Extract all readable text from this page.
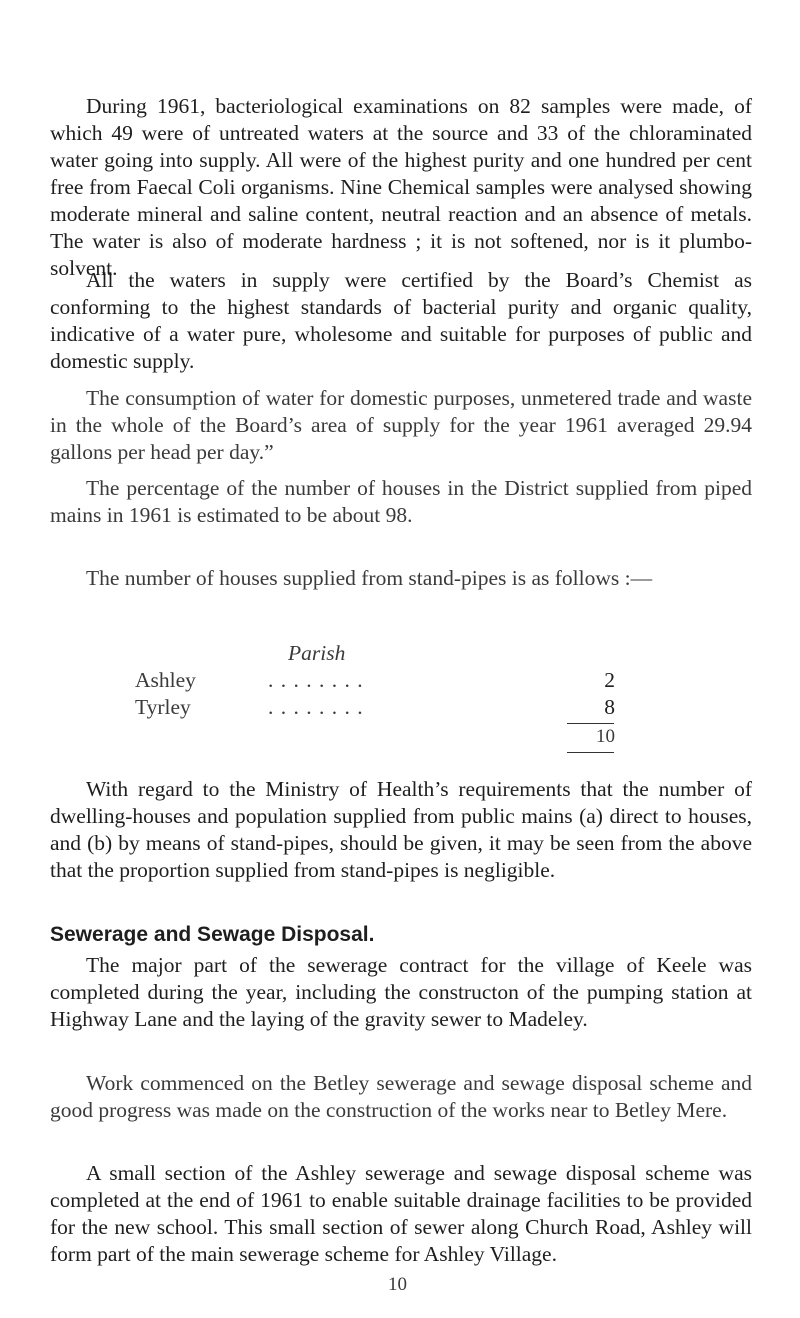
During 1961, bacteriological examinations on 82 samples were made, of which 49 were of untreated waters at the source and 33 of the chloraminated water going into supply. All were of the highest purity and one hundred per cent free from Faecal Coli organisms. Nine Chemical samples were analysed showing moderate mineral and saline content, neutral reaction and an absence of metals. The water is also of moderate hardness ; it is not softened, nor is it plumbo-solvent.

All the waters in supply were certified by the Board’s Chemist as conforming to the highest standards of bacterial purity and organic quality, indicative of a water pure, wholesome and suitable for purposes of public and domestic supply.

The consumption of water for domestic purposes, unmetered trade and waste in the whole of the Board’s area of supply for the year 1961 averaged 29.94 gallons per head per day.”

The percentage of the number of houses in the District supplied from piped mains in 1961 is estimated to be about 98.

The number of houses supplied from stand-pipes is as follows :—

Parish

Ashley	. . . . . . . .	2
Tyrley	. . . . . . . .	8
10

With regard to the Ministry of Health’s requirements that the number of dwelling-houses and population supplied from public mains (a) direct to houses, and (b) by means of stand-pipes, should be given, it may be seen from the above that the proportion supplied from stand-pipes is negligible.

Sewerage and Sewage Disposal.

The major part of the sewerage contract for the village of Keele was completed during the year, including the constructon of the pumping station at Highway Lane and the laying of the gravity sewer to Madeley.

Work commenced on the Betley sewerage and sewage disposal scheme and good progress was made on the construction of the works near to Betley Mere.

A small section of the Ashley sewerage and sewage disposal scheme was completed at the end of 1961 to enable suitable drainage facilities to be provided for the new school. This small section of sewer along Church Road, Ashley will form part of the main sewerage scheme for Ashley Village.

10
